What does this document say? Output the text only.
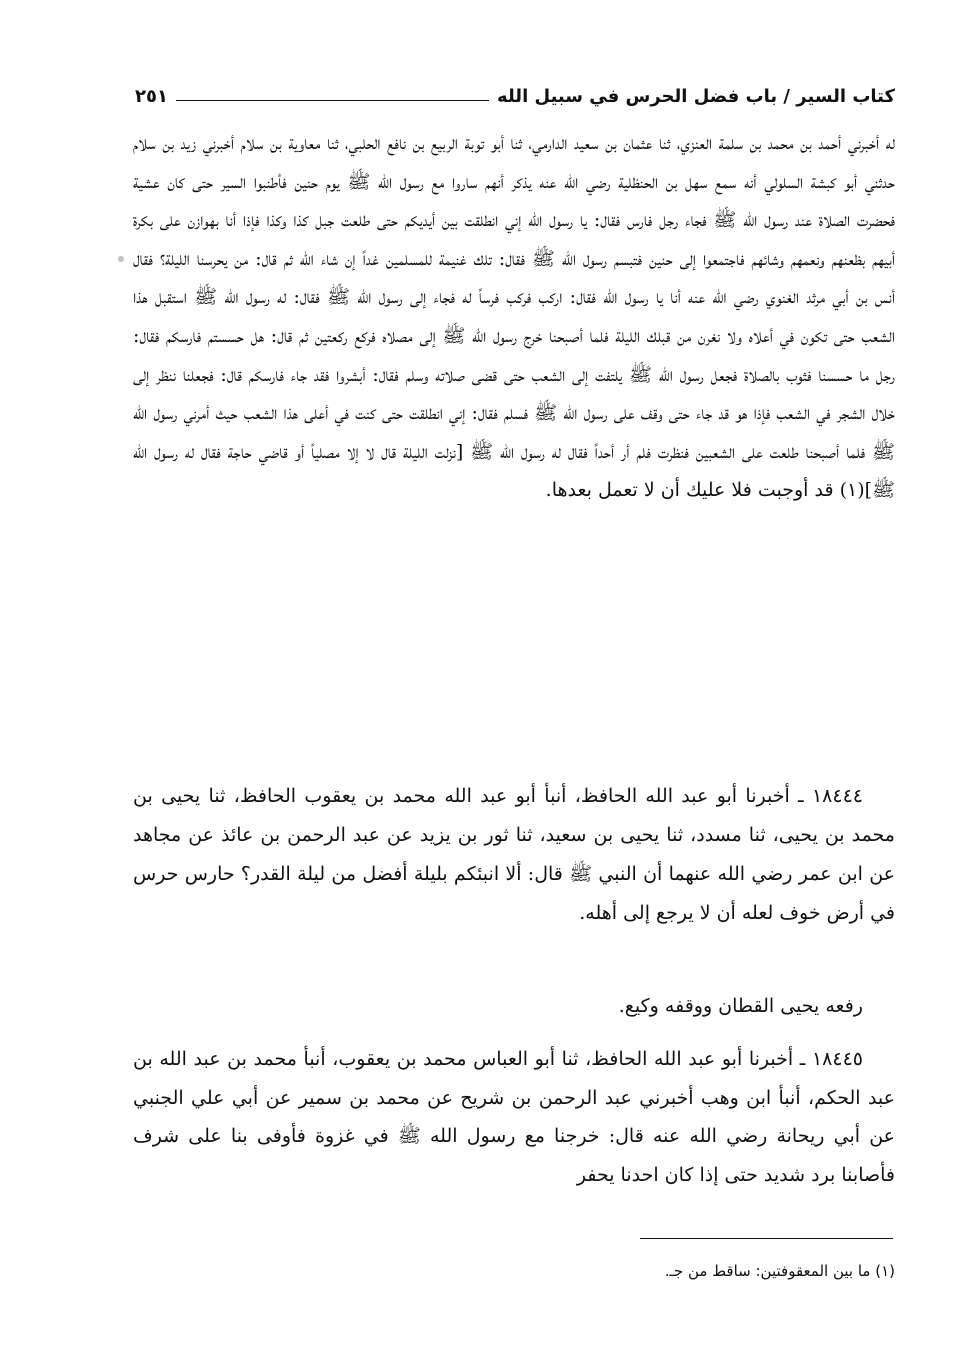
كتاب السير / باب فضل الحرس في سبيل الله
٢٥١

له أخبرني أحمد بن محمد بن سلمة العنزي، ثنا عثمان بن سعيد الدارمي، ثنا أبو توبة الربيع بن نافع الحلبي، ثنا معاوية بن سلام أخبرني زيد بن سلام حدثني أبو كبشة السلولي أنه سمع سهل بن الحنظلية رضي الله عنه يذكر أنهم ساروا مع رسول الله ﷺ يوم حنين فأطنبوا السير حتى كان عشية فحضرت الصلاة عند رسول الله ﷺ فجاء رجل فارس فقال: يا رسول الله إني انطلقت بين أيديكم حتى طلعت جبل كذا وكذا فإذا أنا بهوازن على بكرة أبيهم بظعنهم ونعمهم وشائهم فاجتمعوا إلى حنين فتبسم رسول الله ﷺ فقال: تلك غنيمة للمسلمين غداً إن شاء الله ثم قال: من يحرسنا الليلة؟ فقال أنس بن أبي مرثد الغنوي رضي الله عنه أنا يا رسول الله فقال: اركب فركب فرساً له فجاء إلى رسول الله ﷺ فقال: له رسول الله ﷺ استقبل هذا الشعب حتى تكون في أعلاه ولا نغرن من قبلك الليلة فلما أصبحنا خرج رسول الله ﷺ إلى مصلاه فركع ركعتين ثم قال: هل حسستم فارسكم فقال: رجل ما حسسنا فثوب بالصلاة فجعل رسول الله ﷺ يلتفت إلى الشعب حتى قضى صلاته وسلم فقال: أبشروا فقد جاء فارسكم قال: فجعلنا ننظر إلى خلال الشجر في الشعب فإذا هو قد جاء حتى وقف على رسول الله ﷺ فسلم فقال: إني انطلقت حتى كنت في أعلى هذا الشعب حيث أمرني رسول الله ﷺ فلما أصبحنا طلعت على الشعبين فنظرت فلم أر أحداً فقال له رسول الله ﷺ [نزلت الليلة قال لا إلا مصلياً أو قاضي حاجة فقال له رسول الله ﷺ](١) قد أوجبت فلا عليك أن لا تعمل بعدها.

١٨٤٤٤ ـ أخبرنا أبو عبد الله الحافظ، أنبأ أبو عبد الله محمد بن يعقوب الحافظ، ثنا يحيى بن محمد بن يحيى، ثنا مسدد، ثنا يحيى بن سعيد، ثنا ثور بن يزيد عن عبد الرحمن بن عائذ عن مجاهد عن ابن عمر رضي الله عنهما أن النبي ﷺ قال: ألا انبئكم بليلة أفضل من ليلة القدر؟ حارس حرس في أرض خوف لعله أن لا يرجع إلى أهله.
رفعه يحيى القطان ووقفه وكيع.
١٨٤٤٥ ـ أخبرنا أبو عبد الله الحافظ، ثنا أبو العباس محمد بن يعقوب، أنبأ محمد بن عبد الله بن عبد الحكم، أنبأ ابن وهب أخبرني عبد الرحمن بن شريح عن محمد بن سمير عن أبي علي الجنبي عن أبي ريحانة رضي الله عنه قال: خرجنا مع رسول الله ﷺ في غزوة فأوفى بنا على شرف فأصابنا برد شديد حتى إذا كان احدنا يحفر
(١) ما بين المعقوفتين: ساقط من جـ.
